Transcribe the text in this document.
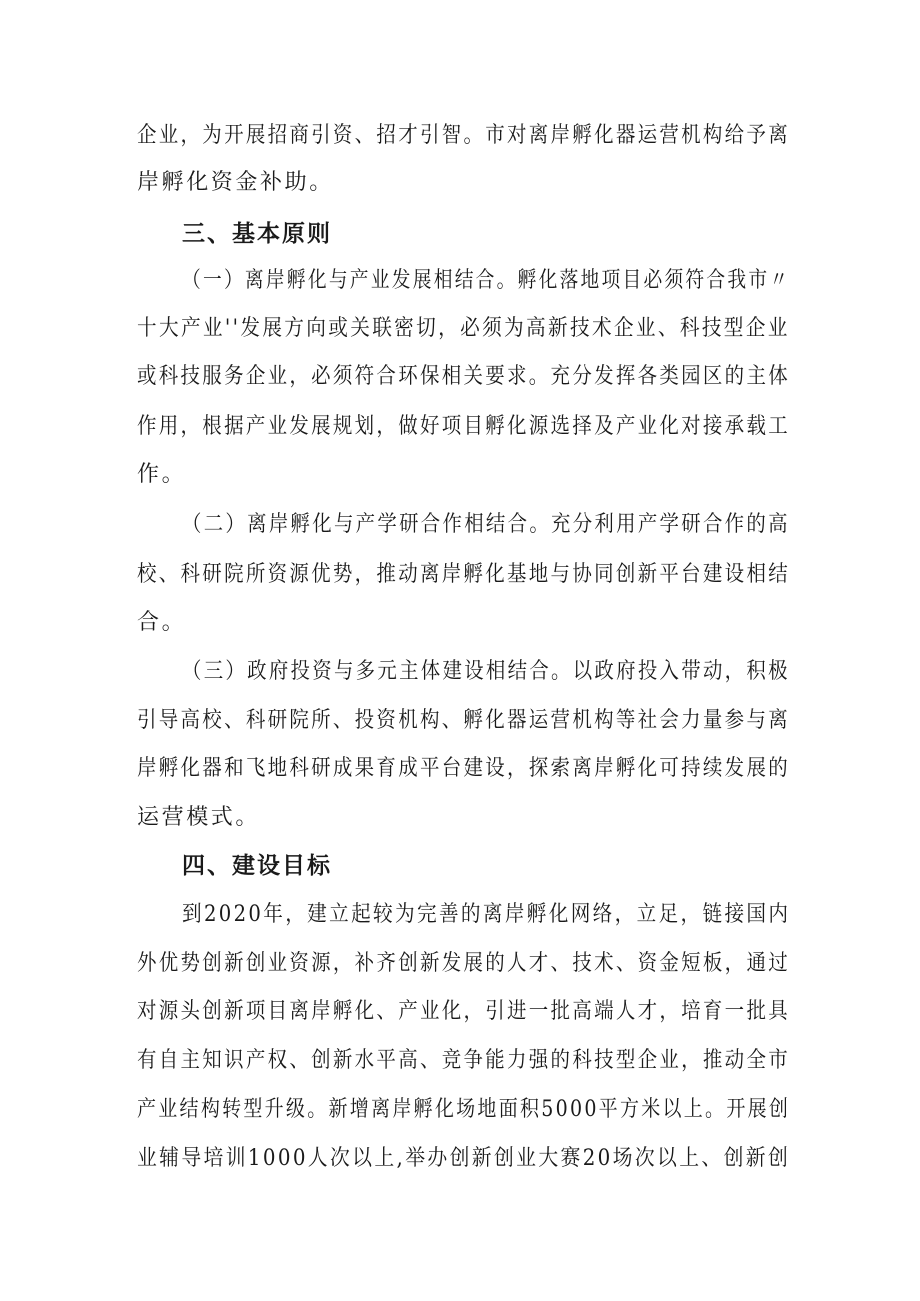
企业，为开展招商引资、招才引智。市对离岸孵化器运营机构给予离
岸孵化资金补助。
三、基本原则
（一）离岸孵化与产业发展相结合。孵化落地项目必须符合我市〃
十大产业''发展方向或关联密切，必须为高新技术企业、科技型企业
或科技服务企业，必须符合环保相关要求。充分发挥各类园区的主体
作用，根据产业发展规划，做好项目孵化源选择及产业化对接承载工
作。
（二）离岸孵化与产学研合作相结合。充分利用产学研合作的高
校、科研院所资源优势，推动离岸孵化基地与协同创新平台建设相结
合。
（三）政府投资与多元主体建设相结合。以政府投入带动，积极
引导高校、科研院所、投资机构、孵化器运营机构等社会力量参与离
岸孵化器和飞地科研成果育成平台建设，探索离岸孵化可持续发展的
运营模式。
四、建设目标
到2020年，建立起较为完善的离岸孵化网络，立足，链接国内
外优势创新创业资源，补齐创新发展的人才、技术、资金短板，通过
对源头创新项目离岸孵化、产业化，引进一批高端人才，培育一批具
有自主知识产权、创新水平高、竞争能力强的科技型企业，推动全市
产业结构转型升级。新增离岸孵化场地面积5000平方米以上。开展创
业辅导培训1000人次以上,举办创新创业大赛20场次以上、创新创
